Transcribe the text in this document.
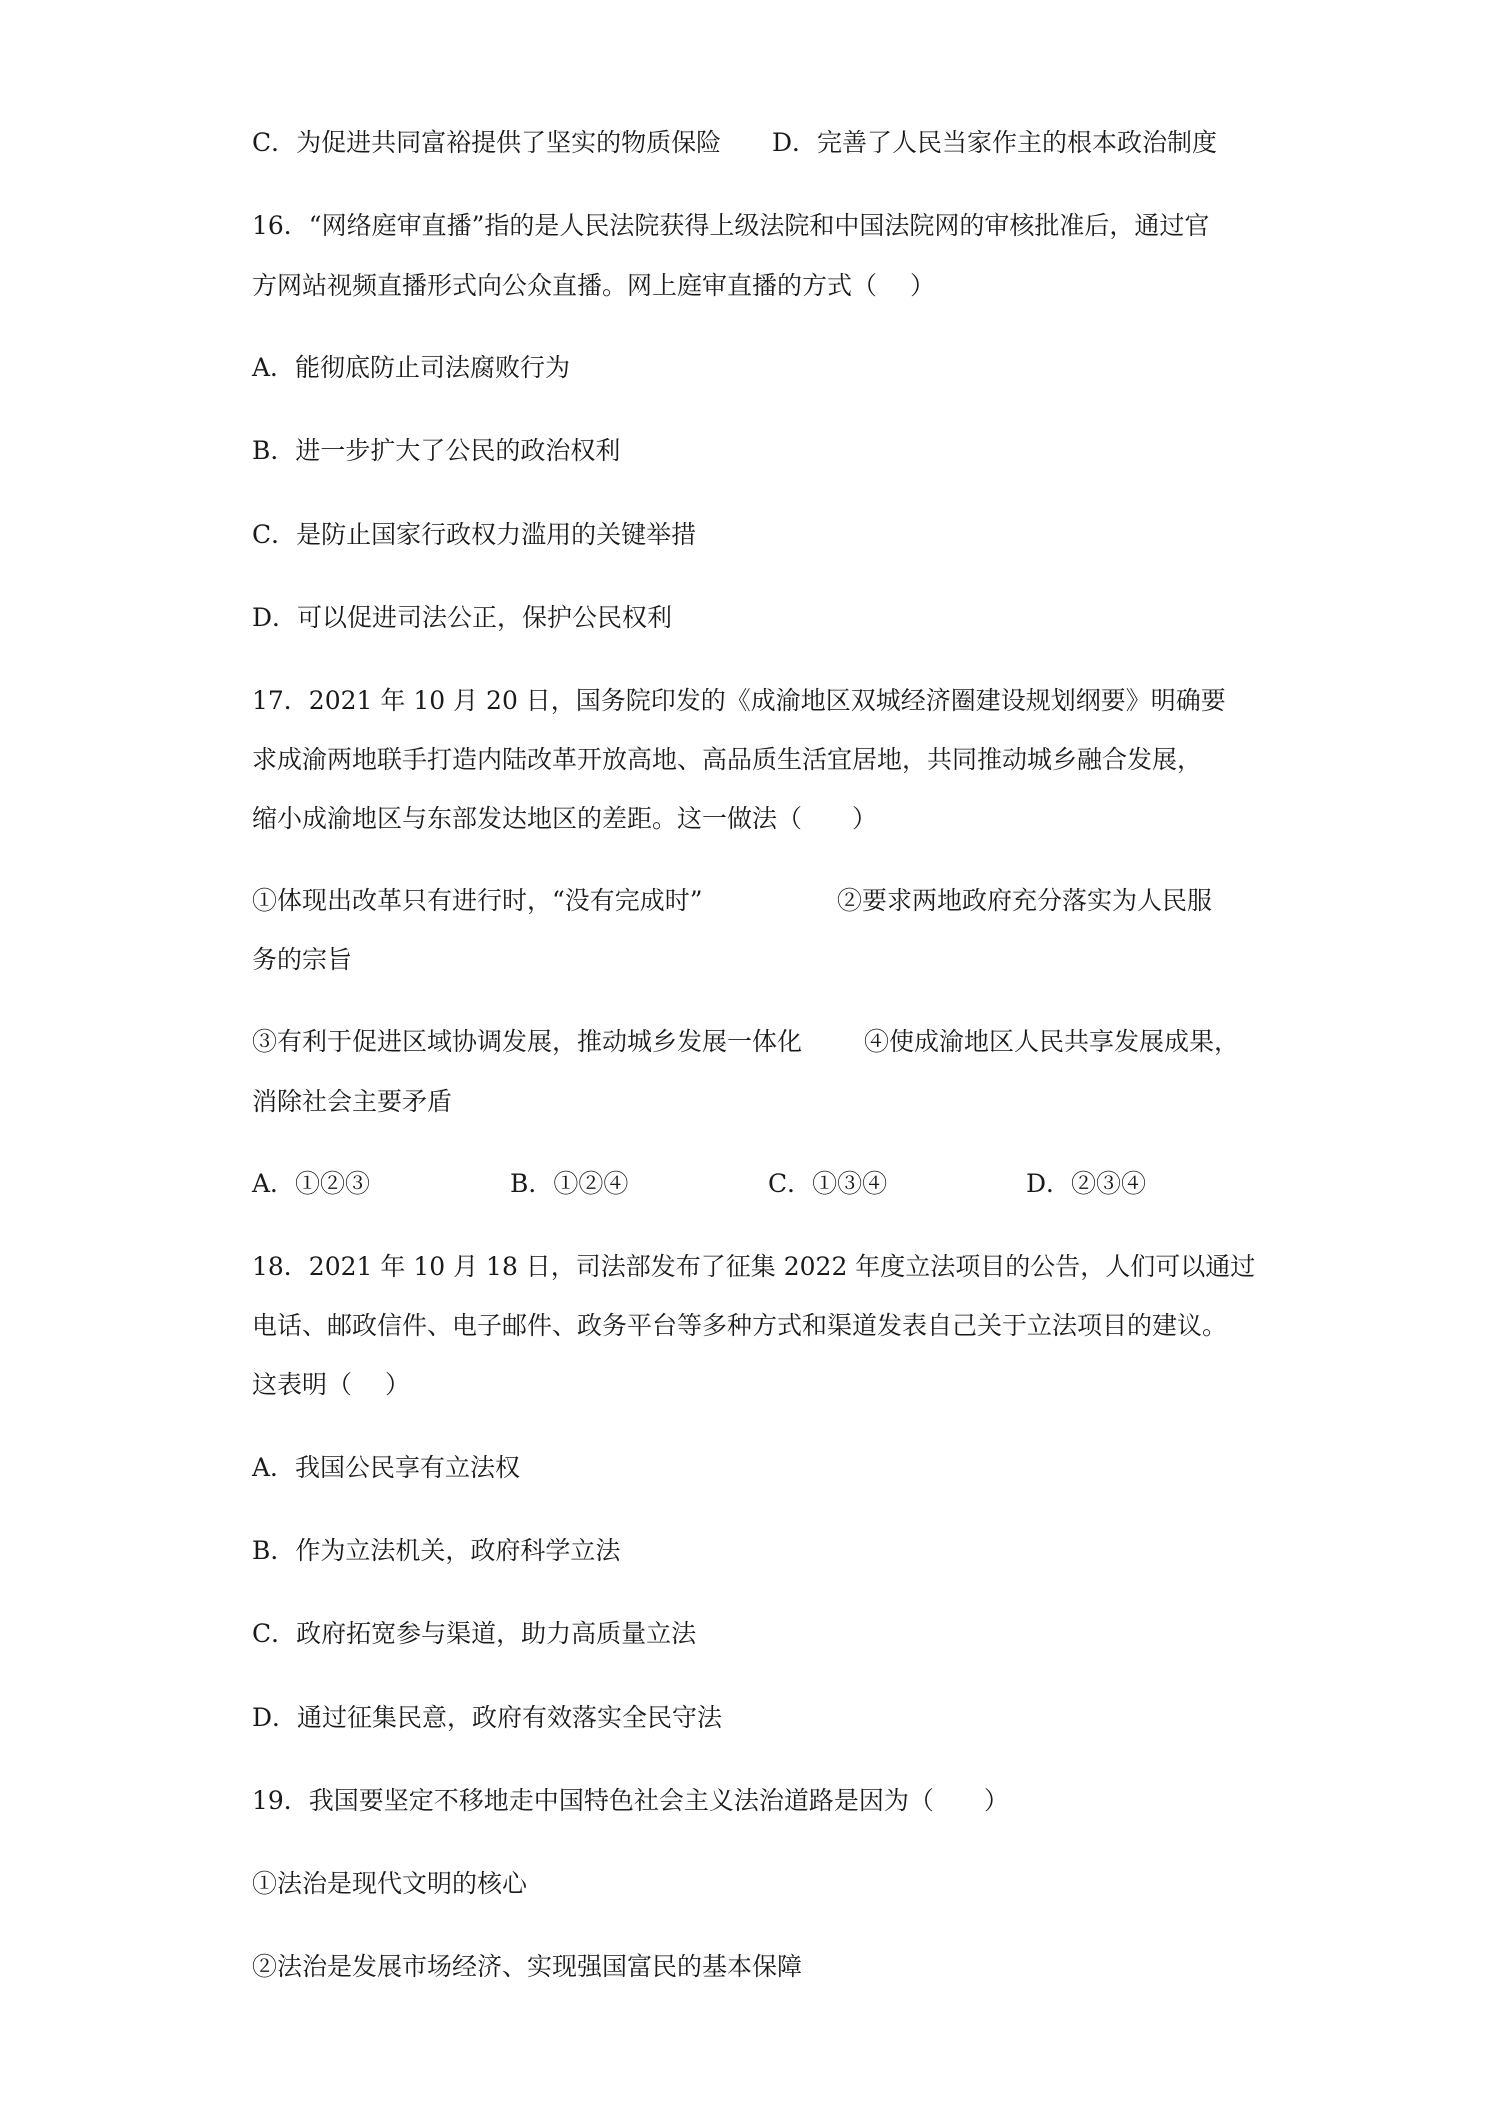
C．为促进共同富裕提供了坚实的物质保险 D．完善了人民当家作主的根本政治制度
16．“网络庭审直播”指的是人民法院获得上级法院和中国法院网的审核批准后，通过官
方网站视频直播形式向公众直播。网上庭审直播的方式（　 ）
A．能彻底防止司法腐败行为
B．进一步扩大了公民的政治权利
C．是防止国家行政权力滥用的关键举措
D．可以促进司法公正，保护公民权利
17．2021 年 10 月 20 日，国务院印发的《成渝地区双城经济圈建设规划纲要》明确要
求成渝两地联手打造内陆改革开放高地、高品质生活宜居地，共同推动城乡融合发展，
缩小成渝地区与东部发达地区的差距。这一做法（　　）
①体现出改革只有进行时，“没有完成时”	②要求两地政府充分落实为人民服
务的宗旨
③有利于促进区域协调发展，推动城乡发展一体化 ④使成渝地区人民共享发展成果，
消除社会主要矛盾
A．①②③	B．①②④	C．①③④	D．②③④
18．2021 年 10 月 18 日，司法部发布了征集 2022 年度立法项目的公告，人们可以通过
电话、邮政信件、电子邮件、政务平台等多种方式和渠道发表自己关于立法项目的建议。
这表明（　 ）
A．我国公民享有立法权
B．作为立法机关，政府科学立法
C．政府拓宽参与渠道，助力高质量立法
D．通过征集民意，政府有效落实全民守法
19．我国要坚定不移地走中国特色社会主义法治道路是因为（　　）
①法治是现代文明的核心
②法治是发展市场经济、实现强国富民的基本保障
